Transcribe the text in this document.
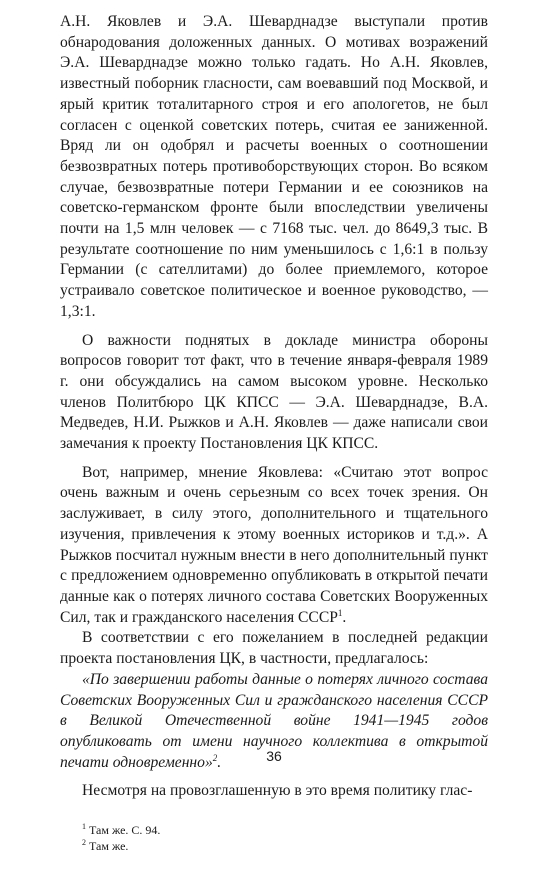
А.Н. Яковлев и Э.А. Шеварднадзе выступали против обнародования доложенных данных. О мотивах возражений Э.А. Шеварднадзе можно только гадать. Но А.Н. Яковлев, известный поборник гласности, сам воевавший под Москвой, и ярый критик тоталитарного строя и его апологетов, не был согласен с оценкой советских потерь, считая ее заниженной. Вряд ли он одобрял и расчеты военных о соотношении безвозвратных потерь противоборствующих сторон. Во всяком случае, безвозвратные потери Германии и ее союзников на советско-германском фронте были впоследствии увеличены почти на 1,5 млн человек — с 7168 тыс. чел. до 8649,3 тыс. В результате соотношение по ним уменьшилось с 1,6:1 в пользу Германии (с сателлитами) до более приемлемого, которое устраивало советское политическое и военное руководство, — 1,3:1.

О важности поднятых в докладе министра обороны вопросов говорит тот факт, что в течение января-февраля 1989 г. они обсуждались на самом высоком уровне. Несколько членов Политбюро ЦК КПСС — Э.А. Шеварднадзе, В.А. Медведев, Н.И. Рыжков и А.Н. Яковлев — даже написали свои замечания к проекту Постановления ЦК КПСС.

Вот, например, мнение Яковлева: «Считаю этот вопрос очень важным и очень серьезным со всех точек зрения. Он заслуживает, в силу этого, дополнительного и тщательного изучения, привлечения к этому военных историков и т.д.». А Рыжков посчитал нужным внести в него дополнительный пункт с предложением одновременно опубликовать в открытой печати данные как о потерях личного состава Советских Вооруженных Сил, так и гражданского населения СССР$^1$.

В соответствии с его пожеланием в последней редакции проекта постановления ЦК, в частности, предлагалось:

«По завершении работы данные о потерях личного состава Советских Вооруженных Сил и гражданского населения СССР в Великой Отечественной войне 1941—1945 годов опубликовать от имени научного коллектива в открытой печати одновременно»$^2$.

Несмотря на провозглашенную в это время политику глас-

$^1$ Там же. С. 94.

$^2$ Там же.

36
